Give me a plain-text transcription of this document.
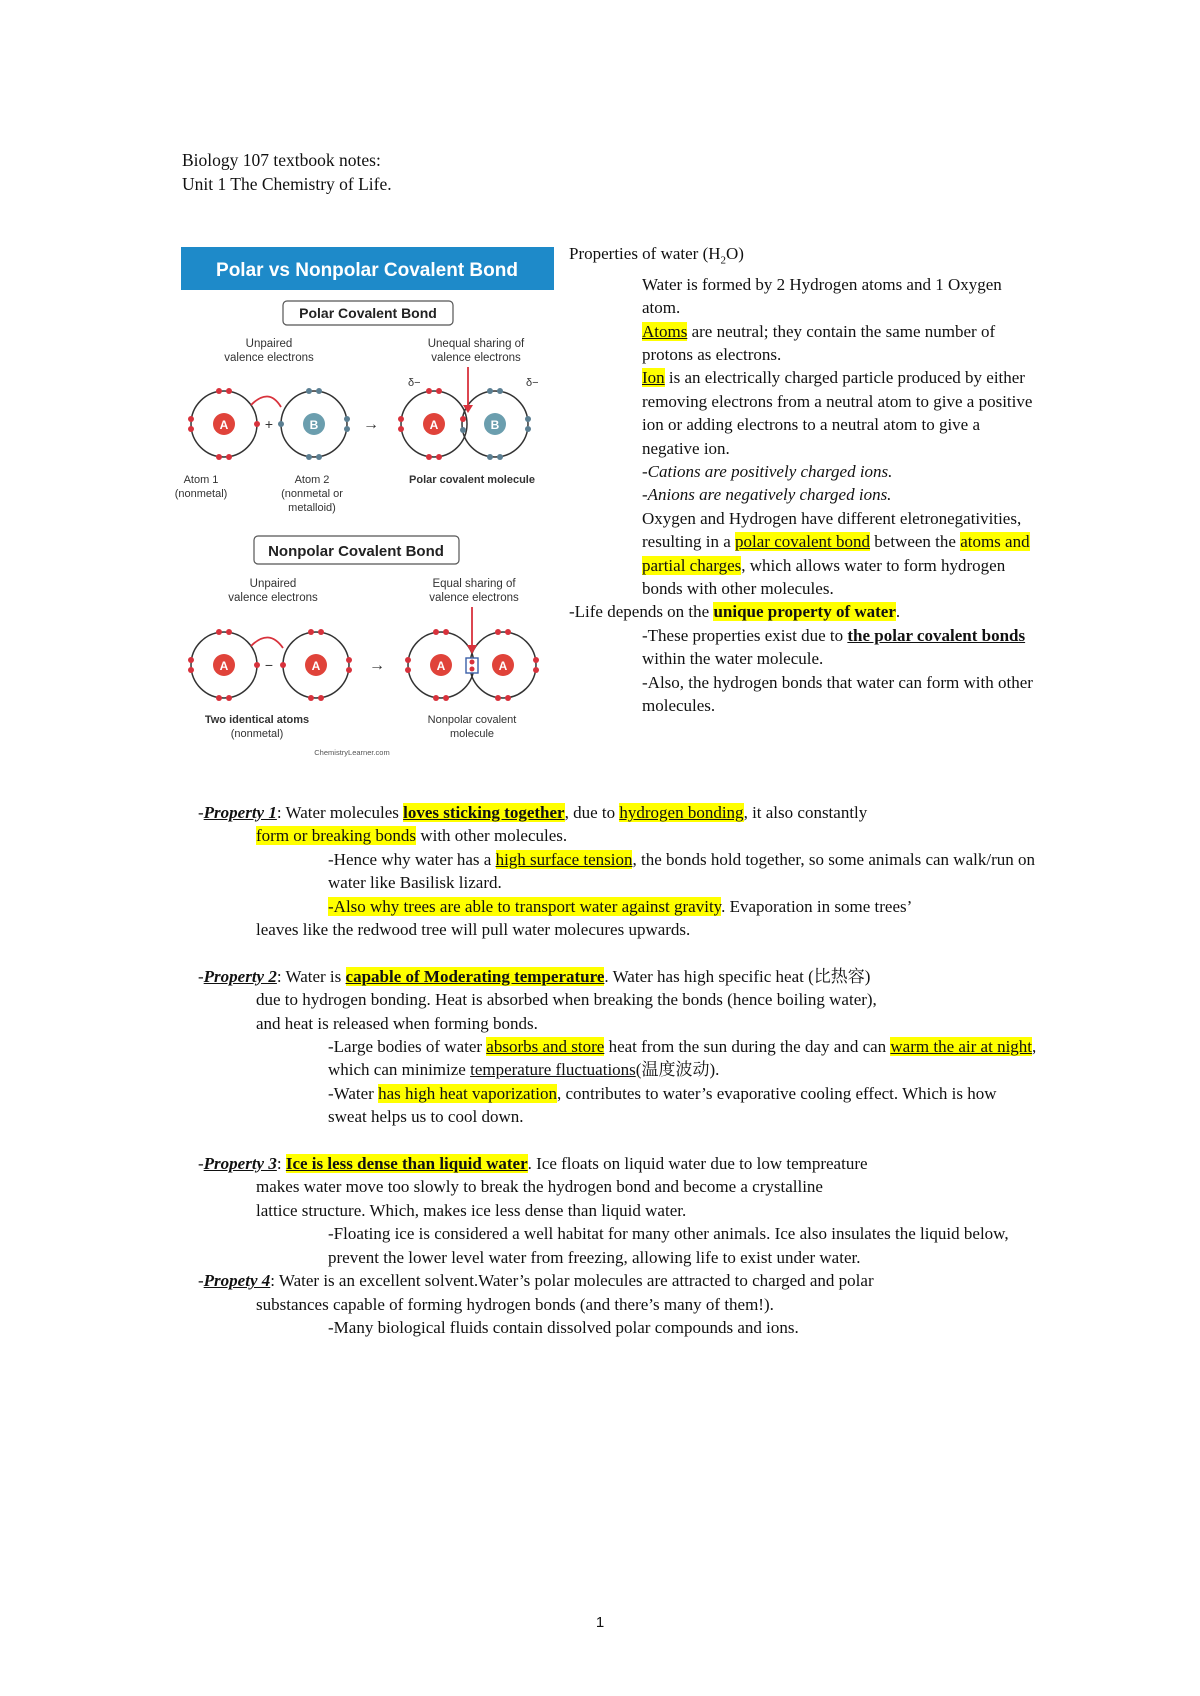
Biology 107 textbook notes:
Unit 1 The Chemistry of Life.
Polar vs Nonpolar Covalent Bond
Polar Covalent Bond
Unpaired
valence electrons
Unequal sharing of
valence electrons
δ−	δ−
A	+	B	→	A	B
Atom 1
(nonmetal)
Atom 2
(nonmetal or
metalloid)
Polar covalent molecule
Nonpolar Covalent Bond
Unpaired
valence electrons
Equal sharing of
valence electrons
A	−	A	→	A	A
Two identical atoms
(nonmetal)
Nonpolar covalent
molecule
ChemistryLearner.com
Properties of water $(H_2O)$
Water is formed by 2 Hydrogen atoms and 1 Oxygen atom.
Atoms are neutral; they contain the same number of protons as electrons.
Ion is an electrically charged particle produced by either removing electrons from a neutral atom to give a positive ion or adding electrons to a neutral atom to give a negative ion.
-Cations are positively charged ions.
-Anions are negatively charged ions.
Oxygen and Hydrogen have different eletronegativities, resulting in a polar covalent bond between the atoms and partial charges, which allows water to form hydrogen bonds with other molecules.
-Life depends on the unique property of water.
-These properties exist due to the polar covalent bonds within the water molecule.
-Also, the hydrogen bonds that water can form with other molecules.

-Property 1: Water molecules loves sticking together, due to hydrogen bonding, it also constantly

form or breaking bonds with other molecules.

-Hence why water has a high surface tension, the bonds hold together, so some animals can walk/run on water like Basilisk lizard.

-Also why trees are able to transport water against gravity. Evaporation in some trees’

leaves like the redwood tree will pull water molecures upwards.

-Property 2: Water is capable of Moderating temperature. Water has high specific heat (比热容)

due to hydrogen bonding. Heat is absorbed when breaking the bonds (hence boiling water),

and heat is released when forming bonds.

-Large bodies of water absorbs and store heat from the sun during the day and can warm the air at night, which can minimize temperature fluctuations(温度波动).

-Water has high heat vaporization, contributes to water’s evaporative cooling effect. Which is how sweat helps us to cool down.

-Property 3: Ice is less dense than liquid water. Ice floats on liquid water due to low tempreature

makes water move too slowly to break the hydrogen bond and become a crystalline

lattice structure. Which, makes ice less dense than liquid water.

-Floating ice is considered a well habitat for many other animals. Ice also insulates the liquid below, prevent the lower level water from freezing, allowing life to exist under water.

-Propety 4: Water is an excellent solvent.Water’s polar molecules are attracted to charged and polar

substances capable of forming hydrogen bonds (and there’s many of them!).

-Many biological fluids contain dissolved polar compounds and ions.

1
